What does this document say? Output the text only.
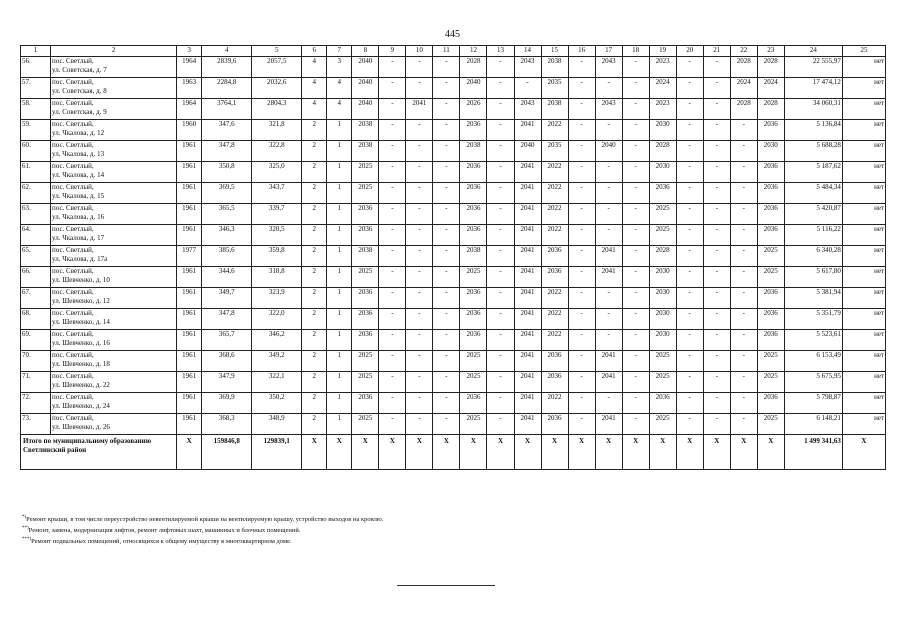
445
1	2	3	4	5	6	7	8	9	10	11	12	13	14	15	16	17	18	19	20	21	22	23	24	25
56.	пос. Светлый,
ул. Советская, д. 7	1964	2839,6	2057,5	4	3	2040	-	-	-	2028	-	2043	2038	-	2043	-	2023	-	-	2028	2028	22 555,97	нет
57.	пос. Светлый,
ул. Советская, д. 8	1963	2284,8	2032,6	4	4	2040	-	-	-	2040	-	-	2035	-	-	-	2024	-	-	2024	2024	17 474,12	нет
58.	пос. Светлый,
ул. Советская, д. 9	1964	3764,1	2804,3	4	4	2040	-	2041	-	2026	-	2043	2038	-	2043	-	2023	-	-	2028	2028	34 060,31	нет
59.	пос. Светлый,
ул. Чкалова, д. 12	1960	347,6	321,8	2	1	2038	-	-	-	2036	-	2041	2022	-	-	-	2030	-	-	-	2036	5 136,84	нет
60.	пос. Светлый,
ул. Чкалова, д. 13	1961	347,8	322,8	2	1	2038	-	-	-	2038	-	2040	2035	-	2040	-	2028	-	-	-	2030	5 688,28	нет
61.	пос. Светлый,
ул. Чкалова, д. 14	1961	350,8	325,0	2	1	2025	-	-	-	2036	-	2041	2022	-	-	-	2030	-	-	-	2036	5 187,62	нет
62.	пос. Светлый,
ул. Чкалова, д. 15	1961	369,5	343,7	2	1	2025	-	-	-	2036	-	2041	2022	-	-	-	2036	-	-	-	2036	5 484,34	нет
63.	пос. Светлый,
ул. Чкалова, д. 16	1961	365,5	339,7	2	1	2036	-	-	-	2036	-	2041	2022	-	-	-	2025	-	-	-	2036	5 420,87	нет
64.	пос. Светлый,
ул. Чкалова, д. 17	1961	346,3	320,5	2	1	2036	-	-	-	2036	-	2041	2022	-	-	-	2025	-	-	-	2036	5 116,22	нет
65.	пос. Светлый,
ул. Чкалова, д. 17а	1977	385,6	359,8	2	1	2038	-	-	-	2038	-	2041	2036	-	2041	-	2028	-	-	-	2025	6 340,28	нет
66.	пос. Светлый,
ул. Шевченко, д. 10	1961	344,6	318,8	2	1	2025	-	-	-	2025	-	2041	2036	-	2041	-	2030	-	-	-	2025	5 617,80	нет
67.	пос. Светлый,
ул. Шевченко, д. 12	1961	349,7	323,9	2	1	2036	-	-	-	2036	-	2041	2022	-	-	-	2030	-	-	-	2036	5 381,94	нет
68.	пос. Светлый,
ул. Шевченко, д. 14	1961	347,8	322,0	2	1	2036	-	-	-	2036	-	2041	2022	-	-	-	2030	-	-	-	2036	5 351,79	нет
69.	пос. Светлый,
ул. Шевченко, д. 16	1961	365,7	346,2	2	1	2036	-	-	-	2036	-	2041	2022	-	-	-	2030	-	-	-	2036	5 523,61	нет
70.	пос. Светлый,
ул. Шевченко, д. 18	1961	368,6	349,2	2	1	2025	-	-	-	2025	-	2041	2036	-	2041	-	2025	-	-	-	2025	6 153,49	нет
71.	пос. Светлый,
ул. Шевченко, д. 22	1961	347,9	322,1	2	1	2025	-	-	-	2025	-	2041	2036	-	2041	-	2025	-	-	-	2025	5 675,95	нет
72.	пос. Светлый,
ул. Шевченко, д. 24	1961	369,9	350,2	2	1	2036	-	-	-	2036	-	2041	2022	-	-	-	2036	-	-	-	2036	5 798,87	нет
73.	пос. Светлый,
ул. Шевченко, д. 26	1961	368,3	348,9	2	1	2025	-	-	-	2025	-	2041	2036	-	2041	-	2025	-	-	-	2025	6 148,21	нет
Итого по муниципальному образованию Светлинский район		X	159846,8	129839,1	X	X	X	X	X	X	X	X	X	X	X	X	X	X	X	X	X	X	1 499 341,63	X

*)Ремонт крыши, в том числе переустройство невентилируемой крыши на вентилируемую крышу, устройство выходов на кровлю.

**)Ремонт, замена, модернизация лифтов, ремонт лифтовых шахт, машинных и блочных помещений.

***)Ремонт подвальных помещений, относящихся к общему имуществу в многоквартирном доме.
